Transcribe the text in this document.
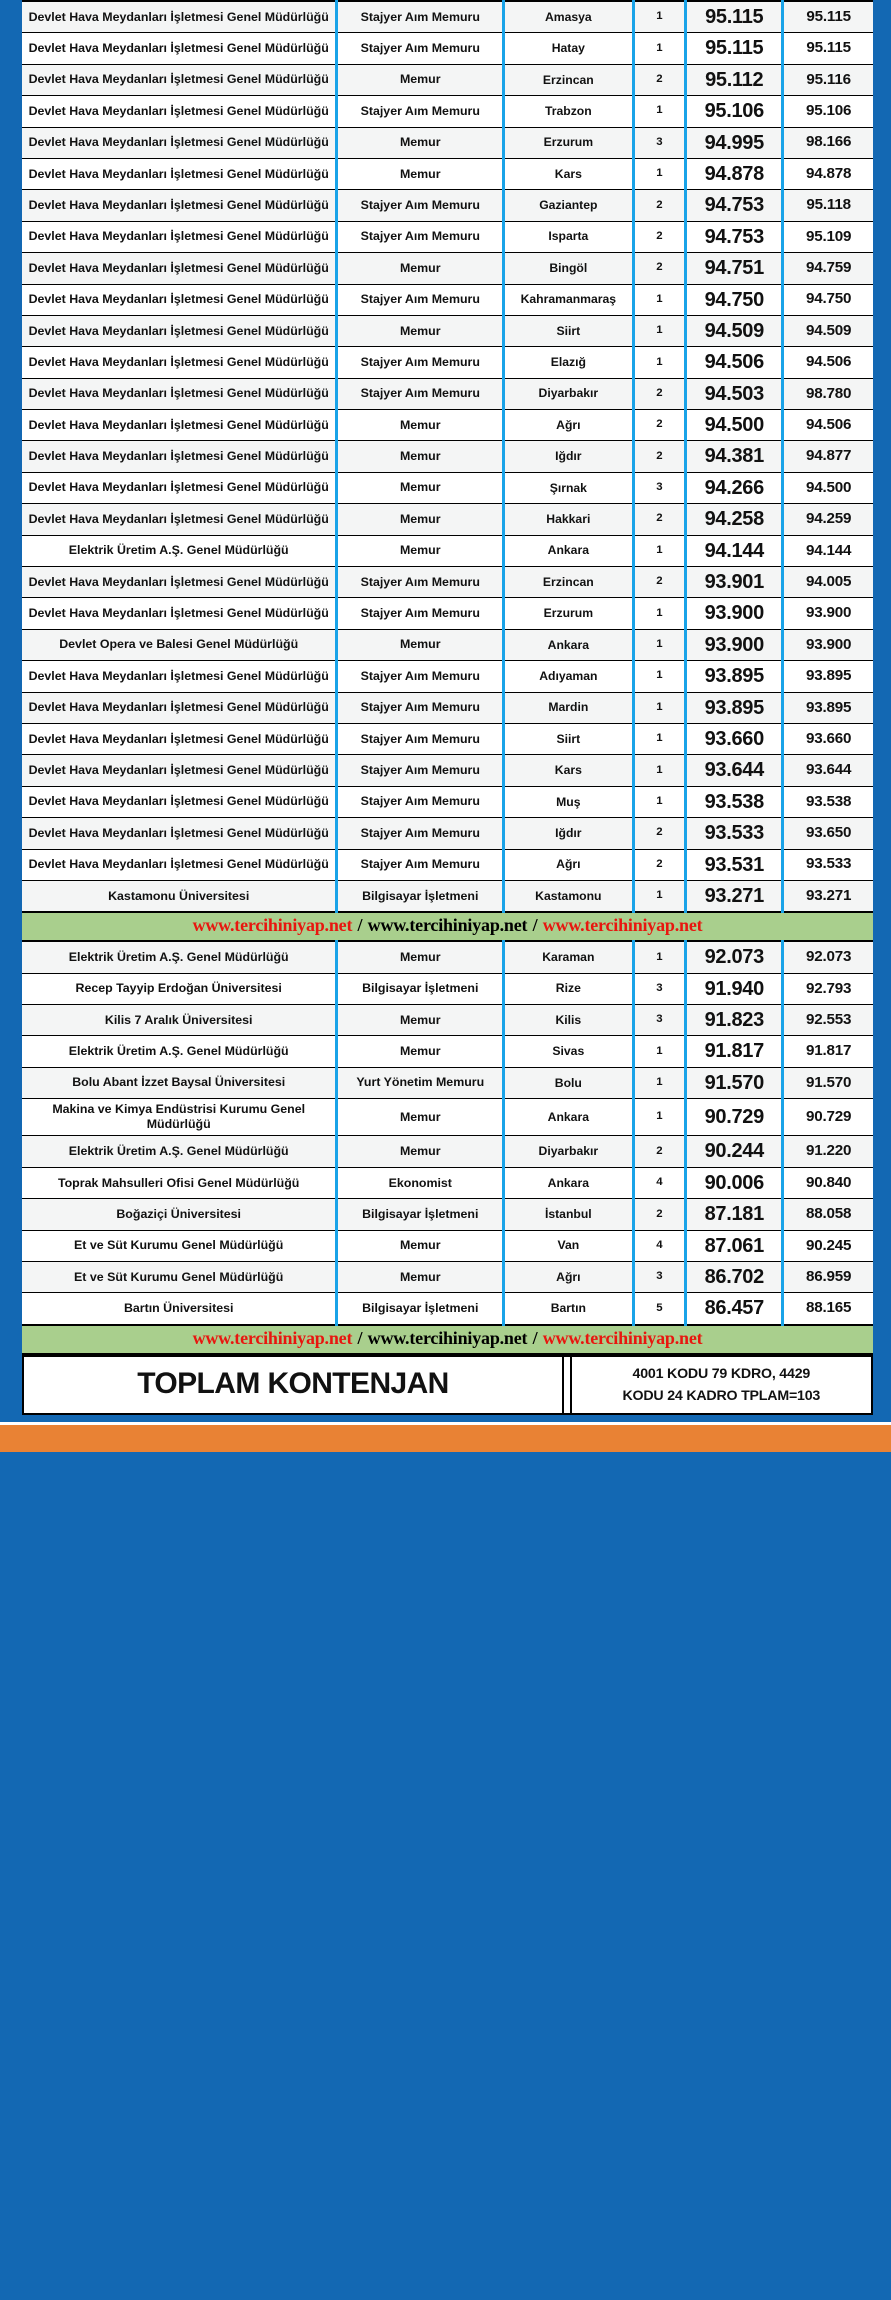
Devlet Hava Meydanları İşletmesi Genel Müdürlüğü	Stajyer Aım Memuru	Amasya	1	95.115	95.115
Devlet Hava Meydanları İşletmesi Genel Müdürlüğü	Stajyer Aım Memuru	Hatay	1	95.115	95.115
Devlet Hava Meydanları İşletmesi Genel Müdürlüğü	Memur	Erzincan	2	95.112	95.116
Devlet Hava Meydanları İşletmesi Genel Müdürlüğü	Stajyer Aım Memuru	Trabzon	1	95.106	95.106
Devlet Hava Meydanları İşletmesi Genel Müdürlüğü	Memur	Erzurum	3	94.995	98.166
Devlet Hava Meydanları İşletmesi Genel Müdürlüğü	Memur	Kars	1	94.878	94.878
Devlet Hava Meydanları İşletmesi Genel Müdürlüğü	Stajyer Aım Memuru	Gaziantep	2	94.753	95.118
Devlet Hava Meydanları İşletmesi Genel Müdürlüğü	Stajyer Aım Memuru	Isparta	2	94.753	95.109
Devlet Hava Meydanları İşletmesi Genel Müdürlüğü	Memur	Bingöl	2	94.751	94.759
Devlet Hava Meydanları İşletmesi Genel Müdürlüğü	Stajyer Aım Memuru	Kahramanmaraş	1	94.750	94.750
Devlet Hava Meydanları İşletmesi Genel Müdürlüğü	Memur	Siirt	1	94.509	94.509
Devlet Hava Meydanları İşletmesi Genel Müdürlüğü	Stajyer Aım Memuru	Elazığ	1	94.506	94.506
Devlet Hava Meydanları İşletmesi Genel Müdürlüğü	Stajyer Aım Memuru	Diyarbakır	2	94.503	98.780
Devlet Hava Meydanları İşletmesi Genel Müdürlüğü	Memur	Ağrı	2	94.500	94.506
Devlet Hava Meydanları İşletmesi Genel Müdürlüğü	Memur	Iğdır	2	94.381	94.877
Devlet Hava Meydanları İşletmesi Genel Müdürlüğü	Memur	Şırnak	3	94.266	94.500
Devlet Hava Meydanları İşletmesi Genel Müdürlüğü	Memur	Hakkari	2	94.258	94.259
Elektrik Üretim A.Ş. Genel Müdürlüğü	Memur	Ankara	1	94.144	94.144
Devlet Hava Meydanları İşletmesi Genel Müdürlüğü	Stajyer Aım Memuru	Erzincan	2	93.901	94.005
Devlet Hava Meydanları İşletmesi Genel Müdürlüğü	Stajyer Aım Memuru	Erzurum	1	93.900	93.900
Devlet Opera ve Balesi Genel Müdürlüğü	Memur	Ankara	1	93.900	93.900
Devlet Hava Meydanları İşletmesi Genel Müdürlüğü	Stajyer Aım Memuru	Adıyaman	1	93.895	93.895
Devlet Hava Meydanları İşletmesi Genel Müdürlüğü	Stajyer Aım Memuru	Mardin	1	93.895	93.895
Devlet Hava Meydanları İşletmesi Genel Müdürlüğü	Stajyer Aım Memuru	Siirt	1	93.660	93.660
Devlet Hava Meydanları İşletmesi Genel Müdürlüğü	Stajyer Aım Memuru	Kars	1	93.644	93.644
Devlet Hava Meydanları İşletmesi Genel Müdürlüğü	Stajyer Aım Memuru	Muş	1	93.538	93.538
Devlet Hava Meydanları İşletmesi Genel Müdürlüğü	Stajyer Aım Memuru	Iğdır	2	93.533	93.650
Devlet Hava Meydanları İşletmesi Genel Müdürlüğü	Stajyer Aım Memuru	Ağrı	2	93.531	93.533
Kastamonu Üniversitesi	Bilgisayar İşletmeni	Kastamonu	1	93.271	93.271
www.tercihiniyap.net / www.tercihiniyap.net / www.tercihiniyap.net					
Elektrik Üretim A.Ş. Genel Müdürlüğü	Memur	Karaman	1	92.073	92.073
Recep Tayyip Erdoğan Üniversitesi	Bilgisayar İşletmeni	Rize	3	91.940	92.793
Kilis 7 Aralık Üniversitesi	Memur	Kilis	3	91.823	92.553
Elektrik Üretim A.Ş. Genel Müdürlüğü	Memur	Sivas	1	91.817	91.817
Bolu Abant İzzet Baysal Üniversitesi	Yurt Yönetim Memuru	Bolu	1	91.570	91.570
Makina ve Kimya Endüstrisi Kurumu Genel Müdürlüğü	Memur	Ankara	1	90.729	90.729
Elektrik Üretim A.Ş. Genel Müdürlüğü	Memur	Diyarbakır	2	90.244	91.220
Toprak Mahsulleri Ofisi Genel Müdürlüğü	Ekonomist	Ankara	4	90.006	90.840
Boğaziçi Üniversitesi	Bilgisayar İşletmeni	İstanbul	2	87.181	88.058
Et ve Süt Kurumu Genel Müdürlüğü	Memur	Van	4	87.061	90.245
Et ve Süt Kurumu Genel Müdürlüğü	Memur	Ağrı	3	86.702	86.959
Bartın Üniversitesi	Bilgisayar İşletmeni	Bartın	5	86.457	88.165
www.tercihiniyap.net / www.tercihiniyap.net / www.tercihiniyap.net					
TOPLAM KONTENJAN		4001 KODU 79 KDRO, 4429
KODU 24 KADRO TPLAM=103
